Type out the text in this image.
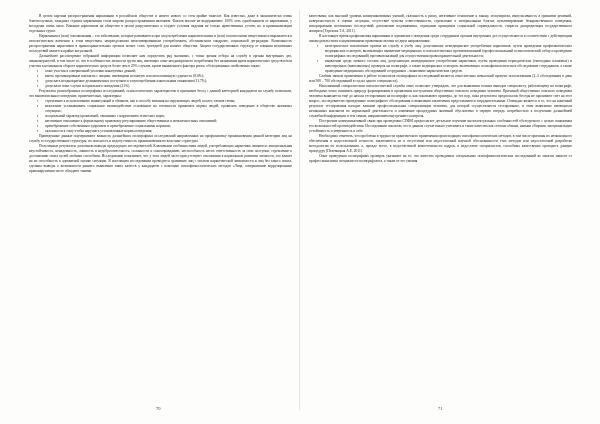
В целом картина распространения наркомании в российском обществе и ничего нового со стен крайне тяжелое. Как известно, даже в экономически очень благополучных, западных странах наркомании стала широко распространенным явлением. Фактов вполне не выдерживают, 100% хоть однобоканием от наркомании, у молодежи очень мало. Влияние наркотиков на общество в целом разрушительно и создает условия падения не только нравственных устоев, но и криминализации отдельных групп.

Наркомания в (или) токсикомания – это заболевание, которые развиваются при злоупотреблении наркотическими и (или) токсическими веществами и выражаются в патологическом влечении к этим веществам, непреодолимом немотивированным употреблением, абстинентном синдроме, социальной деградации. Возможность распространения наркотиков в правоохранительных органах может стать трагедией для нашего общества. Защита государственных структур от влияния негативных последствий является крайне актуальной.

Дальнейшее рассмотрение собранной информации позволяет нам определить ряд значимых, с точки зрения отбора на службу в органы внутренних дел, закономерностей, в том числе то, что в особенностях личности групп лиц, имеющих опыт неоднократного потребления без назначения врача наркотических средств и/или участия в незаконном обороте наркотических средств более чем в 25% случаев, кроме выявленного фактора риска, обследованных свойственно также:

▪ опыт участия в совершенной уголовно наказуемых деяний;
▪ иметь противоправные контакты с лицами, имеющими неснятую или непогашенную судимость (8,6%);
▪ допускать неоднократные делинквентных поступков и злоупотребления алкогольным опьянении (11,7%);
▪ допускали опыт случаи асоциального поведения (21%).

Результаты разнообразных полиграфных исследований, психологических характеристик и признаков бесед с данной категорией кандидатов на службу позволили, что вышеописанное поведение, примечательно, характерны:

▪ стремление к использованию манипуляций и обманом, как к способу влияния на окружающих людей, коллег, членов семьи;
▪ нежелание устанавливать социальное взаимодействие основанное на готовности принимать нормы людей, проявлять поведение в обществе значимых ситуациях;
▪ асоциальный характер проявлений, связанных с нарушением этических норм;
▪ негативное отношение к формальному правовому регулированию общественных и межличностных отношений;
▪ пренебрежение собственным здоровьем и пренебрежение социальными нормами;
▪ склонности к тому чтобы нарушать установленные нормы поведения;

Приведенные данные подчеркивают важность дальнейших полиграфных исследований направленных на профилактику проникновения данной категории лиц на службу в государственные структуры, их опасность и недопустимость проникновения во властные структуры.

Полученные результаты дополняли выводы предыдущих исследователей. Ключевыми особенностями людей, употребляющих наркотики, являются: эмоциональная неустойчивость, ненадежность, лживость и недобросовестность, склонности к самооправданию, неспособность нести ответственность за свои поступки, стремление к достижению своих целей любыми способами. Исследование показывает, что у этих людей часто присутствуют отклонения в нормальном развитии личности, что влияет на их способность к адекватной оценке ситуации. В настоящем исследовании проводится сравнение лиц с опытом наркотической зависимости и лиц без такого опыта, сделаны выводы о возможности раннего выявления таких качеств у кандидатов с помощью психофизиологических методов «Лица, совершившие коррупционные правонарушения часто обладают такими

качествами, как высокий уровень коммуникативных умений, склонность к риску, негативное отношение к закону, эгоцентризм, импульсивность в принятии решений, поверхностность в оценке ситуации, отсутствие чувства ответственности, стремление к материальным благам, культивирование безнравственного поведения, игнорирование негативных последствий, разложение подчиненных, отрицание принципов социальной справедливости, стиратся дискредитация государственного аппарата [Терехова Т.А, 2011].

В настоящее время профилактика наркомании и адекватного поведения среди сотрудников органов внутренних дел осуществляется в соответствии с действующим законодательством и нормативными правовыми актами по двум направлениям:

▪ категорическое исключение приема на службу и учебу лиц, допускавших немедицинское употребление наркотиков, путем проведения профилактических медицинских осмотров, включающих выявление медицинских и психологических противопоказаний (профессиональный психологический отбор и проведение полиграфных исследований) противопоказаний для осуществления правоохранительной деятельности;
▪ выявление среди личного состава лиц, допускающих немедицинское употребление наркотиков, путем проведения периодических (ежегодных плановых) и внеочередных (внеплановых) проверок на полиграфе, а также медицинских осмотров, включающих психофизиологическое обследование сотрудников, а также проведение медицинских обследований сотрудников – выявление наркотических средств.

Слабым звеном применения в работе психологов полиграфных исследований является относительно невысокий процент использования (2–3 обследования в день или 500 – 700 обследований в год на одного специалиста).

Наполненный специалистами психологической службы опыт, позволяет утверждать, что для выявления точных выводов специалисту, работающему на полиграфе, необходимо четко понимать природу формирования и проявления наступления общественно опасного поведения человека. Причиной общественно опасного поведения человека выявляется ещё до начала тестирования на полиграфе и, как показывают примеры, до тех пор, пока результаты предпосылок беседы не проливают свет на этот вопрос, исследователю проведенные полиграфного обследования и выявления заключения представляются затруднительными. Очевидно является и то, что на конечный результат тестирования находит влияние профессиональная специализация человека, для которой осуществляется тестирование, и этим выявление имеющихся незаконных контактов по нормальной деятельности и изменение процедурных значений обусловлено в первую очередь потребностью к получению дальнейшей служебной информации и тем самым, напряжением внутреннего контроля.

Построение коммуникативной связи при проведении СПФИ предполагает детальное изучение интеллектуальных особенностей обследуемого с целью понижения его возможностей противодействия. Исследования показали, что в данном случае важно учитывать и такие качества как степень обмана, навыки общения, эмоциональную устойчивость и уверенность в себе.

Необходимо отметить, что проблемы в трудности практического применения происходящих психофизиологических методов, в том числе причины их неэкономного обеспечения и недостаточной точности, заключаются не в отсутствии или недостаточной научной обоснованности этих методов или недостаточной разработке методологии их использования, а, прежде всего, в недостаточной компетентности кадров, в недостатке специалистов, способных качественно проводить данную процедуру [Пелевицкая А.Е, 2011].

Опыт проведения полиграфных проверок указывает на то, что качество проводимых специальных психофизиологических исследований во многом зависит от профессионализма специалиста-полиграфолога, а также от его умения

70	71
